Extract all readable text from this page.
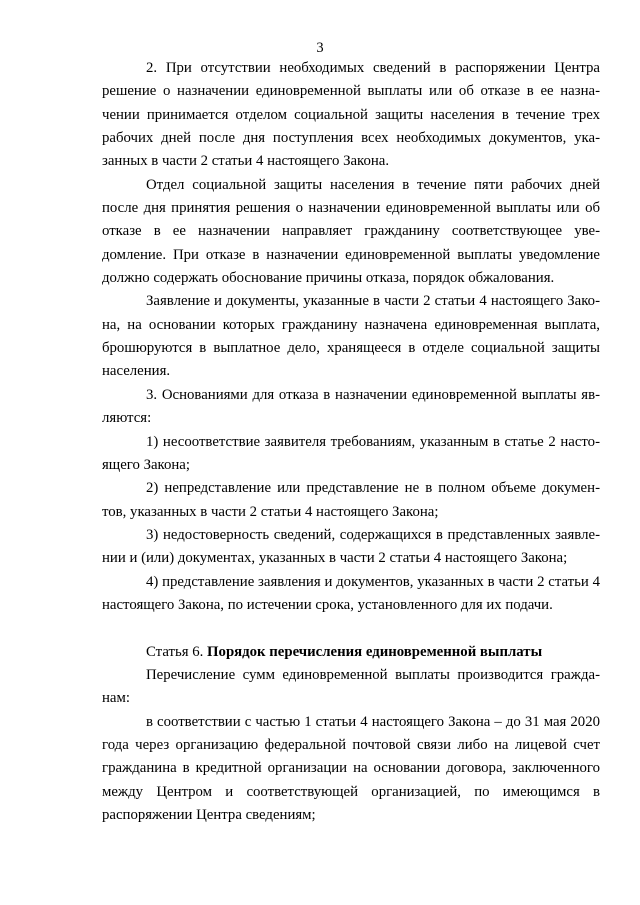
3

2. При отсутствии необходимых сведений в распоряжении Центра решение о назначении единовременной выплаты или об отказе в ее назначении принимается отделом социальной защиты населения в течение трех рабочих дней после дня поступления всех необходимых документов, указанных в части 2 статьи 4 настоящего Закона.

Отдел социальной защиты населения в течение пяти рабочих дней после дня принятия решения о назначении единовременной выплаты или об отказе в ее назначении направляет гражданину соответствующее уведомление. При отказе в назначении единовременной выплаты уведомление должно содержать обоснование причины отказа, порядок обжалования.

Заявление и документы, указанные в части 2 статьи 4 настоящего Закона, на основании которых гражданину назначена единовременная выплата, брошюруются в выплатное дело, хранящееся в отделе социальной защиты населения.

3. Основаниями для отказа в назначении единовременной выплаты являются:

1) несоответствие заявителя требованиям, указанным в статье 2 настоящего Закона;

2) непредставление или представление не в полном объеме документов, указанных в части 2 статьи 4 настоящего Закона;

3) недостоверность сведений, содержащихся в представленных заявлении и (или) документах, указанных в части 2 статьи 4 настоящего Закона;

4) представление заявления и документов, указанных в части 2 статьи 4 настоящего Закона, по истечении срока, установленного для их подачи.

Статья 6. Порядок перечисления единовременной выплаты

Перечисление сумм единовременной выплаты производится гражданам:

в соответствии с частью 1 статьи 4 настоящего Закона – до 31 мая 2020 года через организацию федеральной почтовой связи либо на лицевой счет гражданина в кредитной организации на основании договора, заключенного между Центром и соответствующей организацией, по имеющимся в распоряжении Центра сведениям;
